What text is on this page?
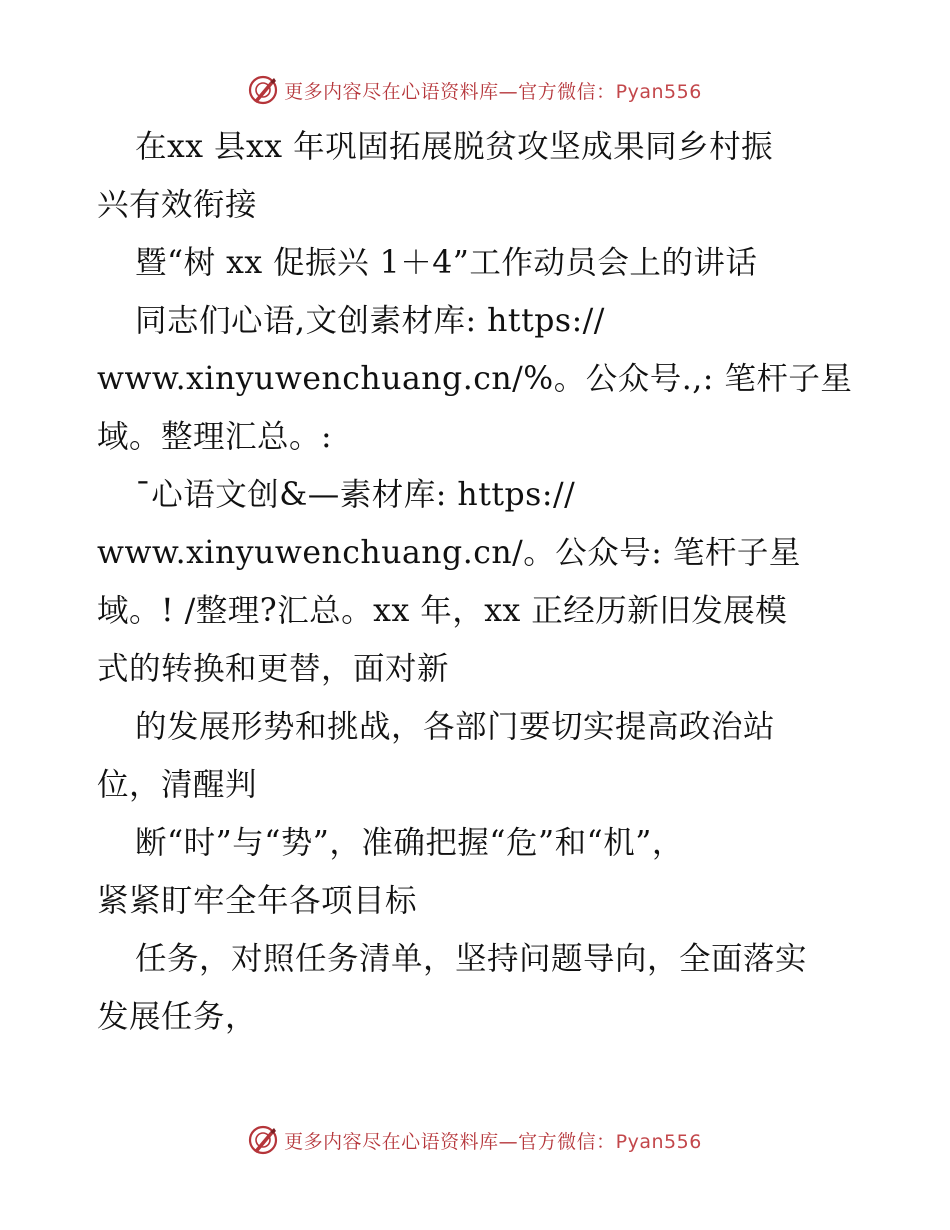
更多内容尽在心语资料库—官方微信：Pyan556
在xx 县xx 年巩固拓展脱贫攻坚成果同乡村振
兴有效衔接
暨“树 xx 促振兴 1＋4”工作动员会上的讲话
同志们心语,文创素材库: https://
www.xinyuwenchuang.cn/%。公众号.,: 笔杆子星
域。整理汇总。:
¯心语文创&—素材库: https://
www.xinyuwenchuang.cn/。公众号: 笔杆子星
域。! /整理?汇总。xx 年，xx 正经历新旧发展模
式的转换和更替，面对新
的发展形势和挑战，各部门要切实提高政治站
位，清醒判
断“时”与“势”，准确把握“危”和“机”，
紧紧盯牢全年各项目标
任务，对照任务清单，坚持问题导向，全面落实
发展任务，
更多内容尽在心语资料库—官方微信：Pyan556
